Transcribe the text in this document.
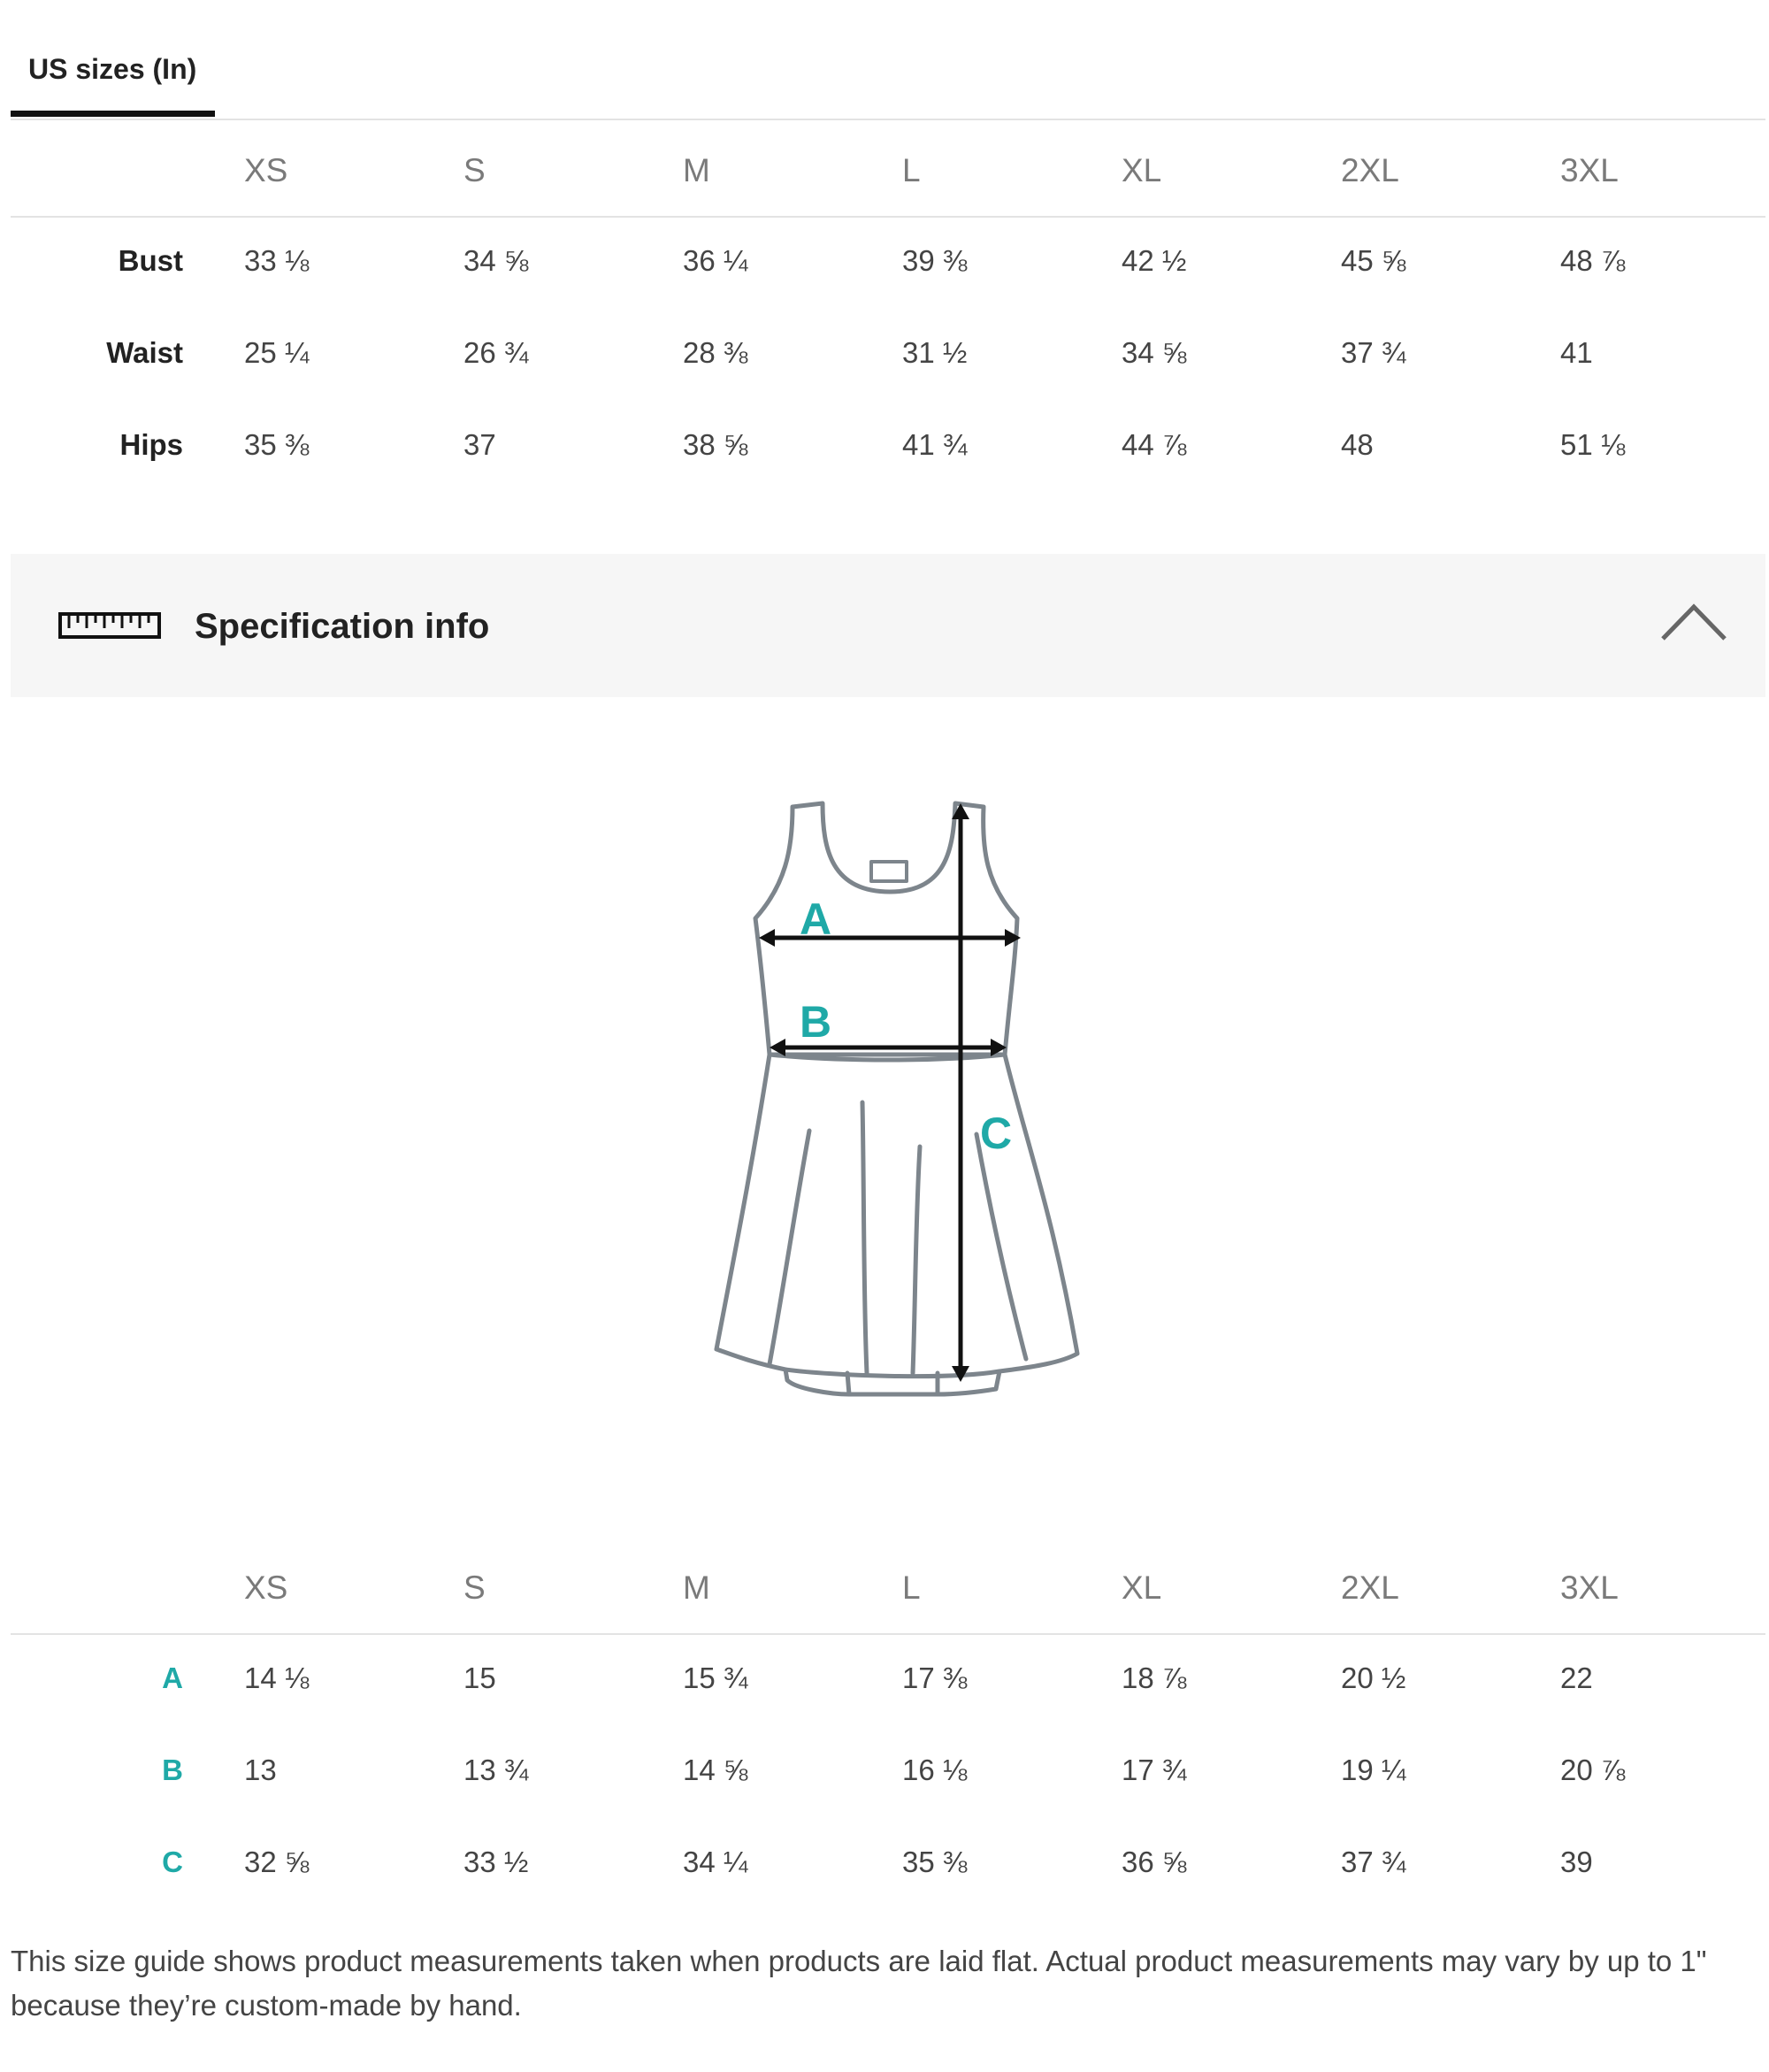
US sizes (In)
XS	S	M	L	XL	2XL	3XL
Bust 33 ⅛	34 ⅝	36 ¼	39 ⅜	42 ½	45 ⅝	48 ⅞
Waist 25 ¼	26 ¾	28 ⅜	31 ½	34 ⅝	37 ¾	41
Hips 35 ⅜	37	38 ⅝	41 ¾	44 ⅞	48	51 ⅛
Specification info
A
B
C
XS	S	M	L	XL	2XL	3XL
A 14 ⅛	15	15 ¾	17 ⅜	18 ⅞	20 ½	22
B 13	13 ¾	14 ⅝	16 ⅛	17 ¾	19 ¼	20 ⅞
C 32 ⅝	33 ½	34 ¼	35 ⅜	36 ⅝	37 ¾	39
This size guide shows product measurements taken when products are laid flat. Actual product measurements may vary by up to 1" because they’re custom-made by hand.
